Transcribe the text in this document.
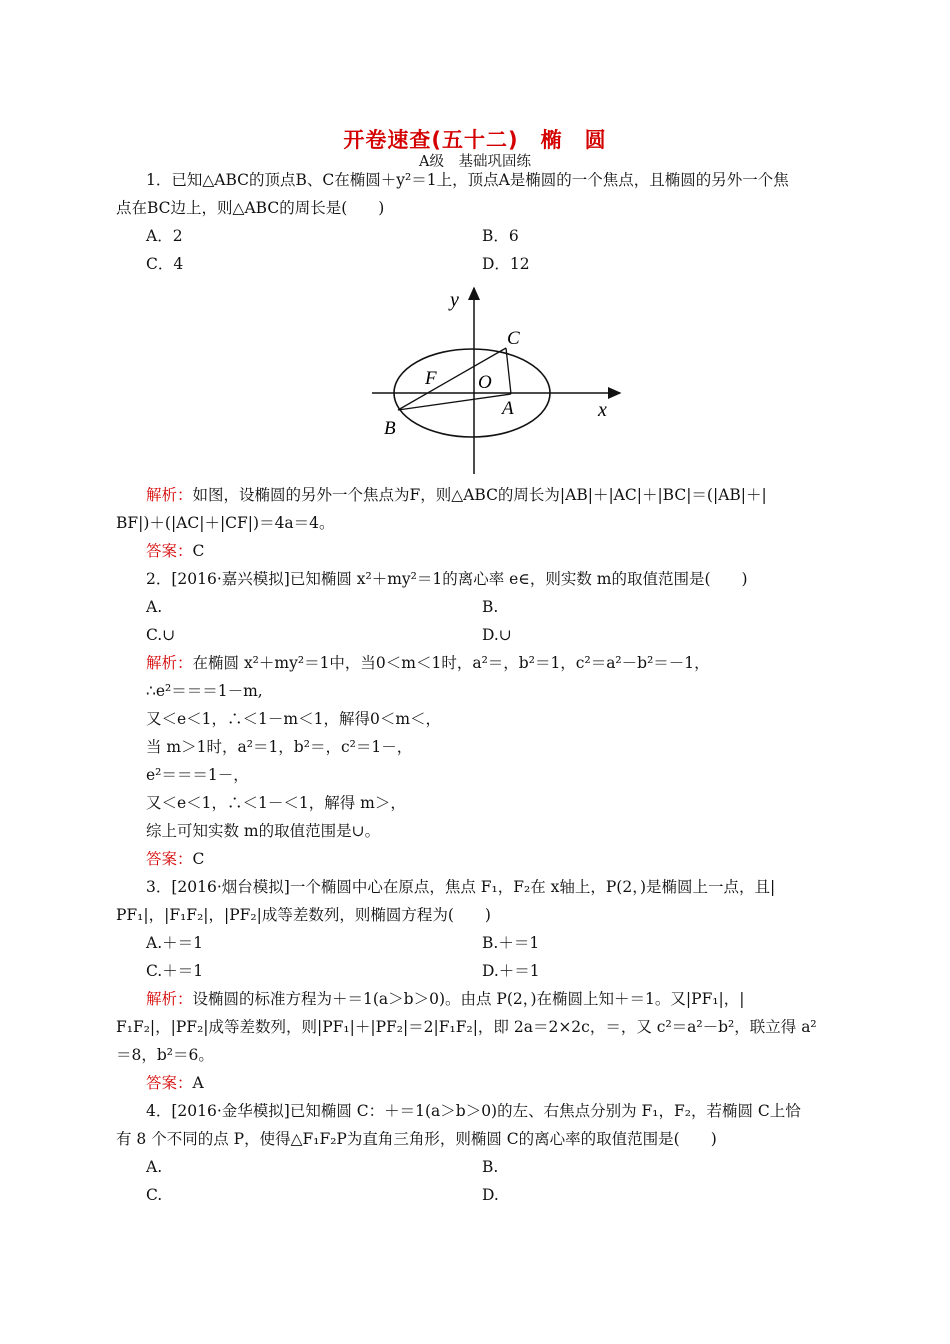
开卷速查(五十二)　椭　圆
A级　基础巩固练
1．已知△ABC的顶点B、C在椭圆＋y²＝1上，顶点A是椭圆的一个焦点，且椭圆的另外一个焦
点在BC边上，则△ABC的周长是(　　)
A．2	B．6
C．4	D．12
y
x
C
F O
A
B
解析：如图，设椭圆的另外一个焦点为F，则△ABC的周长为|AB|＋|AC|＋|BC|＝(|AB|＋|
BF|)＋(|AC|＋|CF|)＝4a＝4。
答案：C
2．[2016·嘉兴模拟]已知椭圆 x²＋my²＝1的离心率 e∈，则实数 m的取值范围是(　　)
A.	B.
C.∪	D.∪
解析：在椭圆 x²＋my²＝1中，当0＜m＜1时，a²＝，b²＝1，c²＝a²－b²＝－1，
∴e²＝＝＝1－m,
又＜e＜1，∴＜1－m＜1，解得0＜m＜，
当 m＞1时，a²＝1，b²＝，c²＝1－，
e²＝＝＝1－，
又＜e＜1，∴＜1－＜1，解得 m＞，
综上可知实数 m的取值范围是∪。
答案：C
3．[2016·烟台模拟]一个椭圆中心在原点，焦点 F₁，F₂在 x轴上，P(2，)是椭圆上一点，且|
PF₁|，|F₁F₂|，|PF₂|成等差数列，则椭圆方程为(　　)
A.＋＝1	B.＋＝1
C.＋＝1	D.＋＝1
解析：设椭圆的标准方程为＋＝1(a＞b＞0)。由点 P(2，)在椭圆上知＋＝1。又|PF₁|，|
F₁F₂|，|PF₂|成等差数列，则|PF₁|＋|PF₂|＝2|F₁F₂|，即 2a＝2×2c，＝，又 c²＝a²－b²，联立得 a²
＝8，b²＝6。
答案：A
4．[2016·金华模拟]已知椭圆 C：＋＝1(a＞b＞0)的左、右焦点分别为 F₁，F₂，若椭圆 C上恰
有 8 个不同的点 P，使得△F₁F₂P为直角三角形，则椭圆 C的离心率的取值范围是(　　)
A.	B.
C.	D.
